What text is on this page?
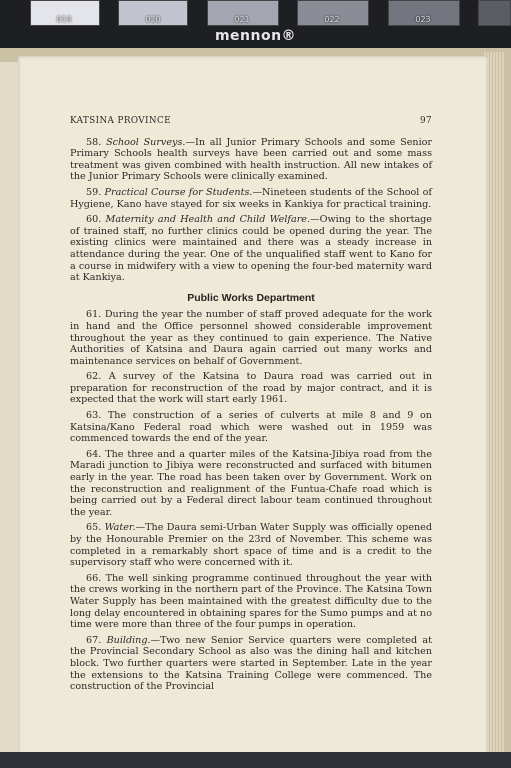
019	020	021	022	023
mennon®
KATSINA PROVINCE	97

58. School Surveys.—In all Junior Primary Schools and some Senior Primary Schools health surveys have been carried out and some mass treatment was given combined with health instruction. All new intakes of the Junior Primary Schools were clinically examined.

59. Practical Course for Students.—Nineteen students of the School of Hygiene, Kano have stayed for six weeks in Kankiya for practical training.

60. Maternity and Health and Child Welfare.—Owing to the shortage of trained staff, no further clinics could be opened during the year. The existing clinics were maintained and there was a steady increase in attendance during the year. One of the unqualified staff went to Kano for a course in midwifery with a view to opening the four-bed maternity ward at Kankiya.

Public Works Department

61. During the year the number of staff proved adequate for the work in hand and the Office personnel showed considerable improvement throughout the year as they continued to gain experience. The Native Authorities of Katsina and Daura again carried out many works and maintenance services on behalf of Government.

62. A survey of the Katsina to Daura road was carried out in preparation for reconstruction of the road by major contract, and it is expected that the work will start early 1961.

63. The construction of a series of culverts at mile 8 and 9 on Katsina/Kano Federal road which were washed out in 1959 was commenced towards the end of the year.

64. The three and a quarter miles of the Katsina-Jibiya road from the Maradi junction to Jibiya were reconstructed and surfaced with bitumen early in the year. The road has been taken over by Government. Work on the reconstruction and realignment of the Funtua-Chafe road which is being carried out by a Federal direct labour team continued throughout the year.

65. Water.—The Daura semi-Urban Water Supply was officially opened by the Honourable Premier on the 23rd of November. This scheme was completed in a remarkably short space of time and is a credit to the supervisory staff who were concerned with it.

66. The well sinking programme continued throughout the year with the crews working in the northern part of the Province. The Katsina Town Water Supply has been maintained with the greatest difficulty due to the long delay encountered in obtaining spares for the Sumo pumps and at no time were more than three of the four pumps in operation.

67. Building.—Two new Senior Service quarters were completed at the Provincial Secondary School as also was the dining hall and kitchen block. Two further quarters were started in September. Late in the year the extensions to the Katsina Training College were commenced. The construction of the Provincial
